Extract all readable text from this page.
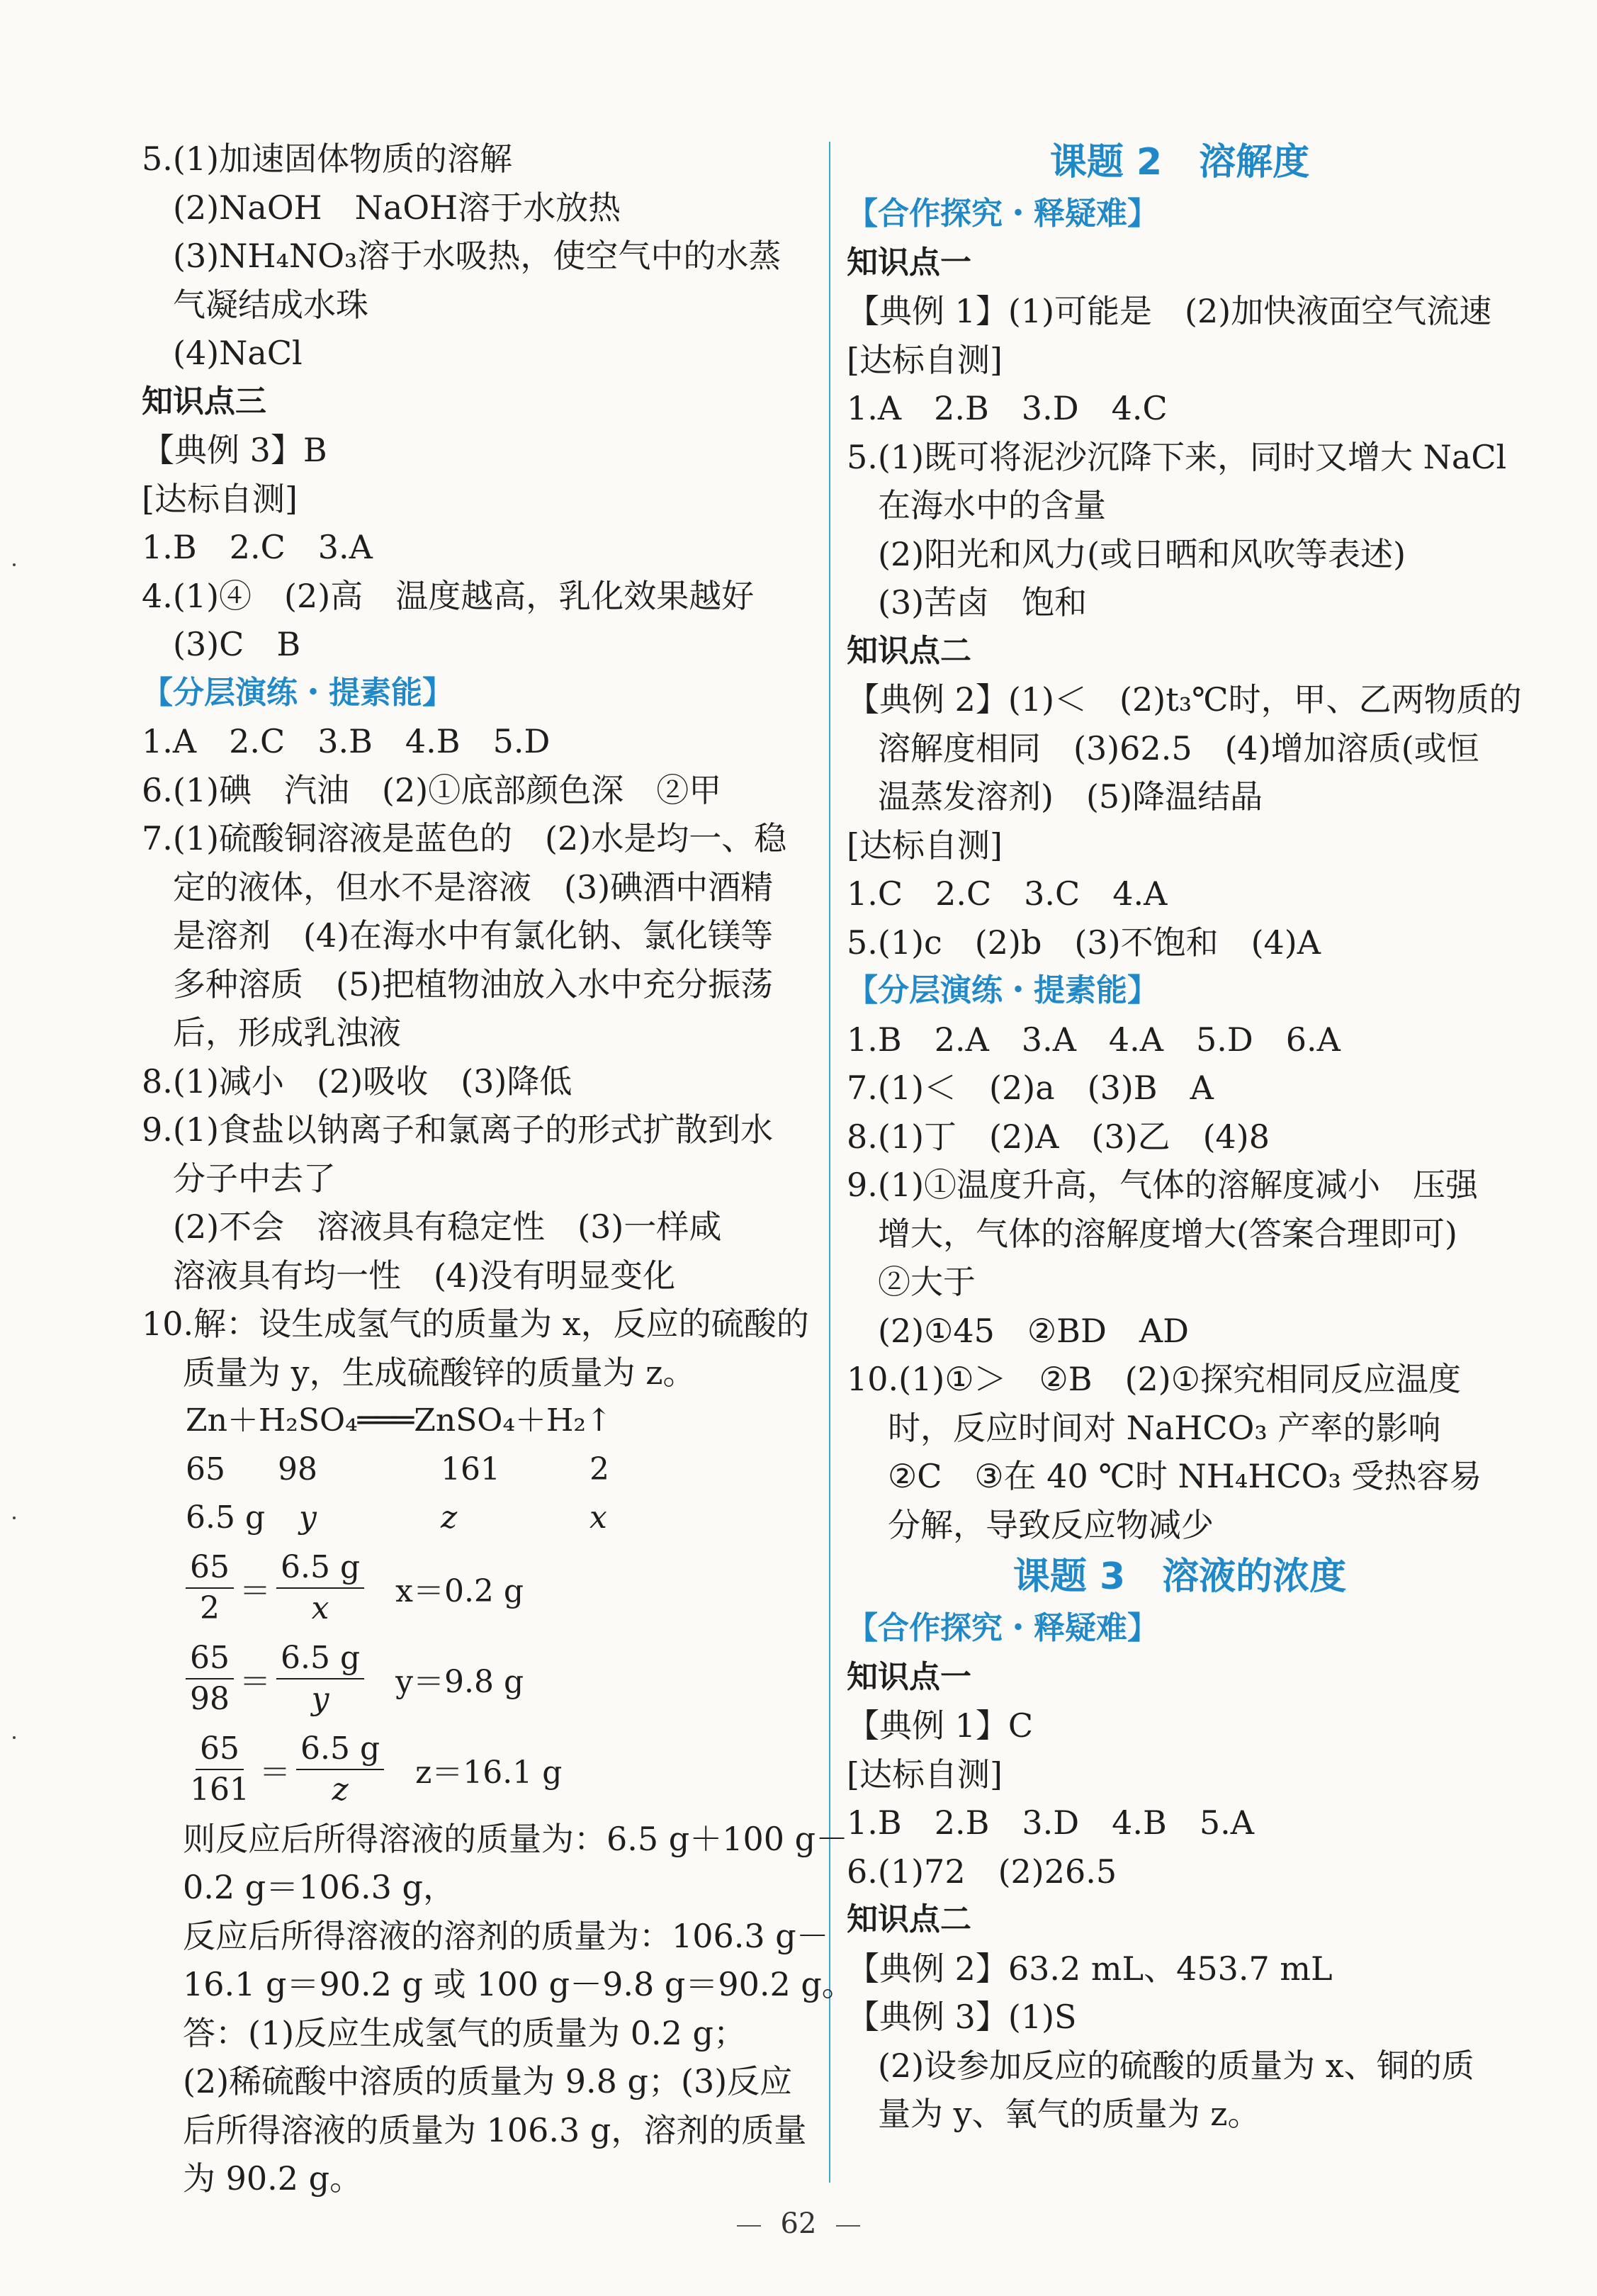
5.(1)加速固体物质的溶解
(2)NaOH　NaOH溶于水放热
(3)NH₄NO₃溶于水吸热，使空气中的水蒸
气凝结成水珠
(4)NaCl
知识点三
【典例 3】B
[达标自测]
1.B　2.C　3.A
4.(1)④　(2)高　温度越高，乳化效果越好
(3)C　B
【分层演练・提素能】
1.A　2.C　3.B　4.B　5.D
6.(1)碘　汽油　(2)①底部颜色深　②甲
7.(1)硫酸铜溶液是蓝色的　(2)水是均一、稳
定的液体，但水不是溶液　(3)碘酒中酒精
是溶剂　(4)在海水中有氯化钠、氯化镁等
多种溶质　(5)把植物油放入水中充分振荡
后，形成乳浊液
8.(1)减小　(2)吸收　(3)降低
9.(1)食盐以钠离子和氯离子的形式扩散到水
分子中去了
(2)不会　溶液具有稳定性　(3)一样咸
溶液具有均一性　(4)没有明显变化
10.解：设生成氢气的质量为 x，反应的硫酸的
质量为 y，生成硫酸锌的质量为 z。
Zn＋H₂SO₄═══ZnSO₄＋H₂↑
65	98	161	2
6.5 g	y	z	x
$\frac{65}{2} = \frac{6.5 g}{x} x=0.2$ g
$\frac{65}{98} = \frac{6.5 g}{y} y=9.8$ g
$\frac{65}{161} = \frac{6.5 g}{z} z=16.1$ g
则反应后所得溶液的质量为：6.5 g＋100 g－
0.2 g＝106.3 g，
反应后所得溶液的溶剂的质量为：106.3 g－
16.1 g＝90.2 g 或 100 g－9.8 g＝90.2 g。
答：(1)反应生成氢气的质量为 0.2 g；
(2)稀硫酸中溶质的质量为 9.8 g；(3)反应
后所得溶液的质量为 106.3 g，溶剂的质量
为 90.2 g。
课题 2　溶解度
【合作探究・释疑难】
知识点一
【典例 1】(1)可能是　(2)加快液面空气流速
[达标自测]
1.A　2.B　3.D　4.C
5.(1)既可将泥沙沉降下来，同时又增大 NaCl
在海水中的含量
(2)阳光和风力(或日晒和风吹等表述)
(3)苦卤　饱和
知识点二
【典例 2】(1)＜　(2)t₃℃时，甲、乙两物质的
溶解度相同　(3)62.5　(4)增加溶质(或恒
温蒸发溶剂)　(5)降温结晶
[达标自测]
1.C　2.C　3.C　4.A
5.(1)c　(2)b　(3)不饱和　(4)A
【分层演练・提素能】
1.B　2.A　3.A　4.A　5.D　6.A
7.(1)＜　(2)a　(3)B　A
8.(1)丁　(2)A　(3)乙　(4)8
9.(1)①温度升高，气体的溶解度减小　压强
增大，气体的溶解度增大(答案合理即可)
②大于
(2)①45　②BD　AD
10.(1)①＞　②B　(2)①探究相同反应温度
时，反应时间对 NaHCO₃ 产率的影响
②C　③在 40 ℃时 NH₄HCO₃ 受热容易
分解，导致反应物减少
课题 3　溶液的浓度
【合作探究・释疑难】
知识点一
【典例 1】C
[达标自测]
1.B　2.B　3.D　4.B　5.A
6.(1)72　(2)26.5
知识点二
【典例 2】63.2 mL、453.7 mL
【典例 3】(1)S
(2)设参加反应的硫酸的质量为 x、铜的质
量为 y、氧气的质量为 z。
62
